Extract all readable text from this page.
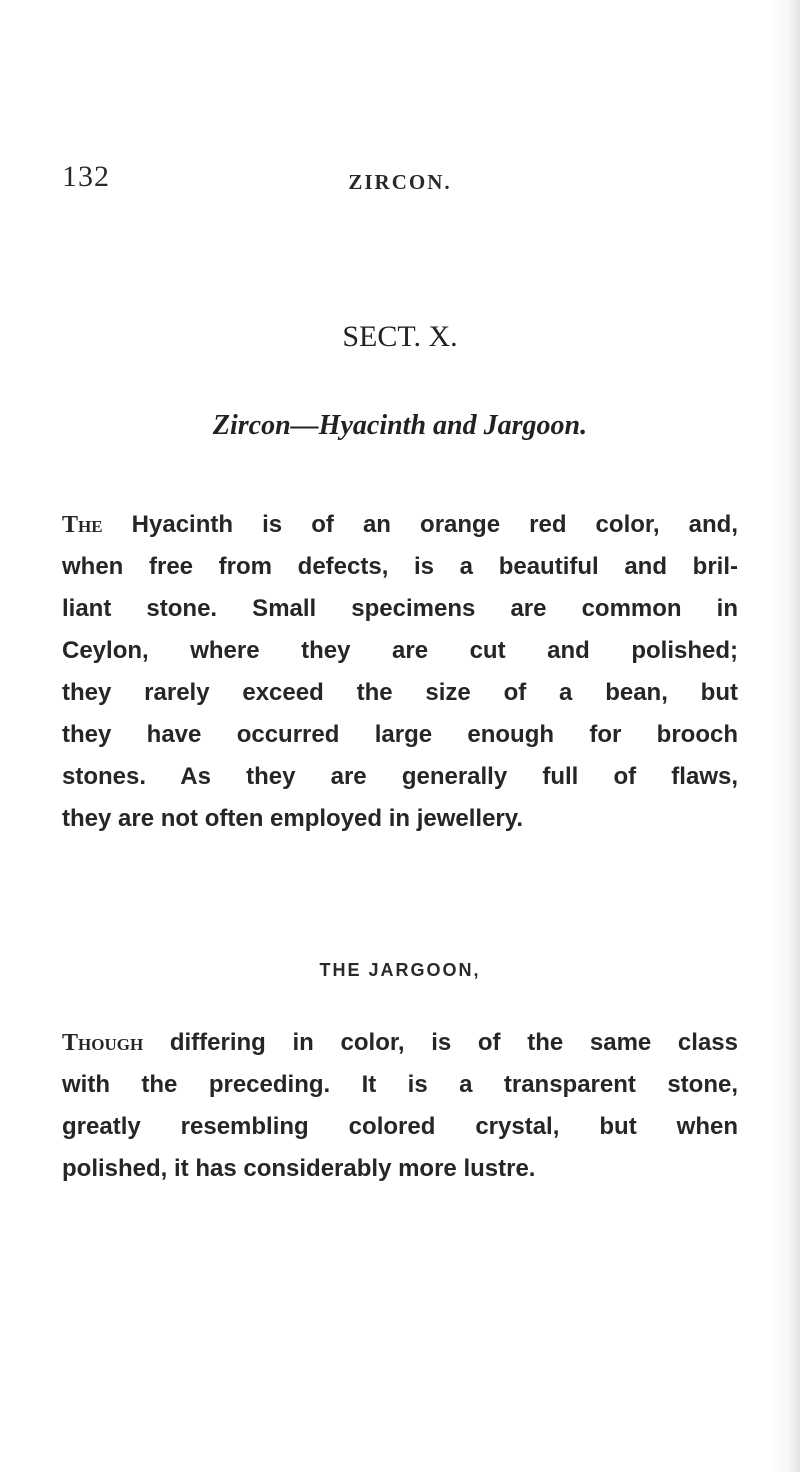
132	ZIRCON.
SECT. X.
Zircon—Hyacinth and Jargoon.
The Hyacinth is of an orange red color, and,
when free from defects, is a beautiful and bril-
liant stone. Small specimens are common in
Ceylon, where they are cut and polished;
they rarely exceed the size of a bean, but
they have occurred large enough for brooch
stones. As they are generally full of flaws,
they are not often employed in jewellery.
THE JARGOON,
Though differing in color, is of the same class
with the preceding. It is a transparent stone,
greatly resembling colored crystal, but when
polished, it has considerably more lustre.
